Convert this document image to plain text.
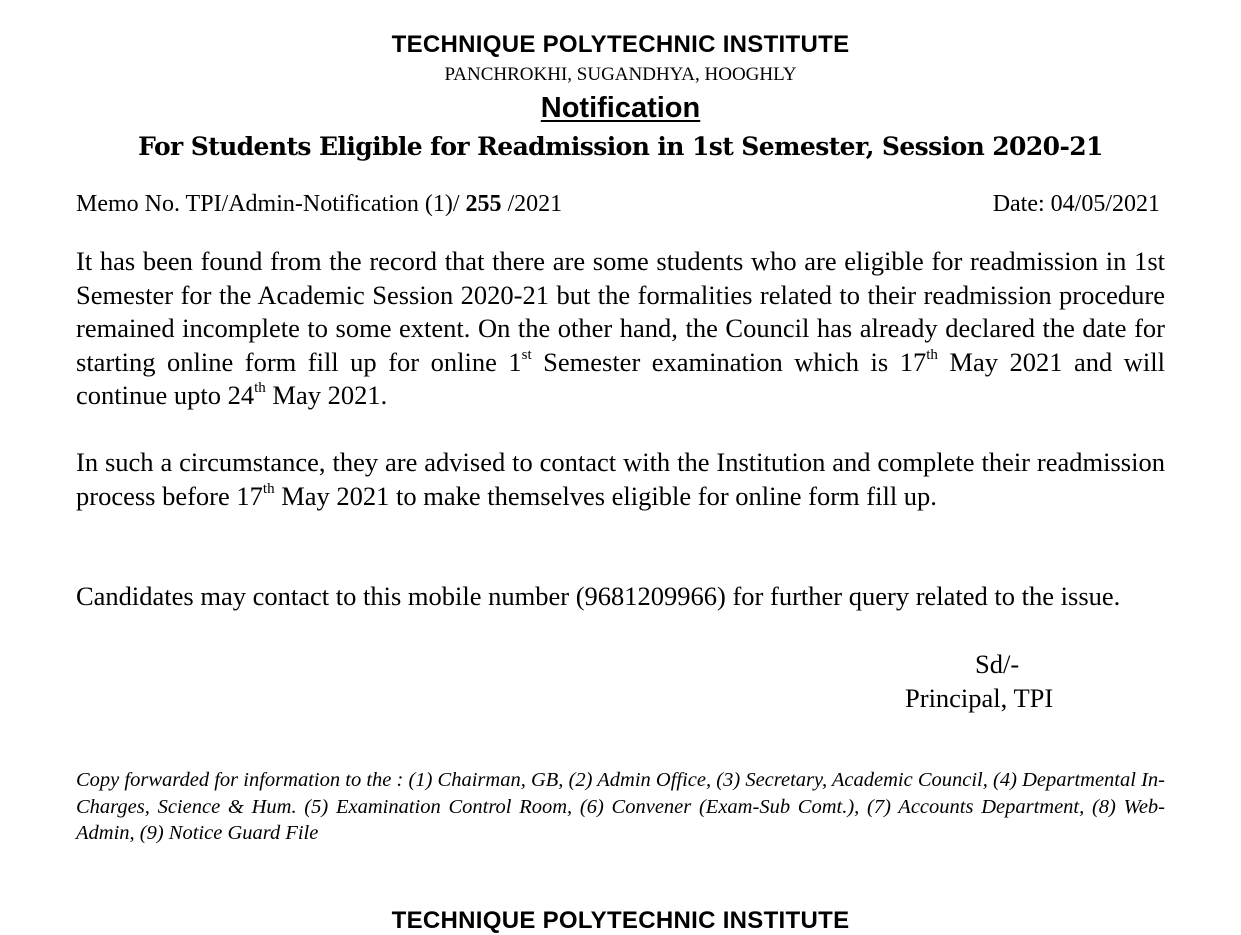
TECHNIQUE POLYTECHNIC INSTITUTE
PANCHROKHI, SUGANDHYA, HOOGHLY
Notification
For Students Eligible for Readmission in 1st Semester, Session 2020-21
Memo No. TPI/Admin-Notification (1)/ 255 /2021	Date: 04/05/2021
It has been found from the record that there are some students who are eligible for readmission in 1st Semester for the Academic Session 2020-21 but the formalities related to their readmission procedure remained incomplete to some extent. On the other hand, the Council has already declared the date for starting online form fill up for online 1st Semester examination which is 17th May 2021 and will continue upto 24th May 2021.
In such a circumstance, they are advised to contact with the Institution and complete their readmission process before 17th May 2021 to make themselves eligible for online form fill up.
Candidates may contact to this mobile number (9681209966) for further query related to the issue.
Sd/-
Principal, TPI
Copy forwarded for information to the : (1) Chairman, GB, (2) Admin Office, (3) Secretary, Academic Council, (4) Departmental In-Charges, Science & Hum. (5) Examination Control Room, (6) Convener (Exam-Sub Comt.), (7) Accounts Department, (8) Web-Admin, (9) Notice Guard File
TECHNIQUE POLYTECHNIC INSTITUTE
